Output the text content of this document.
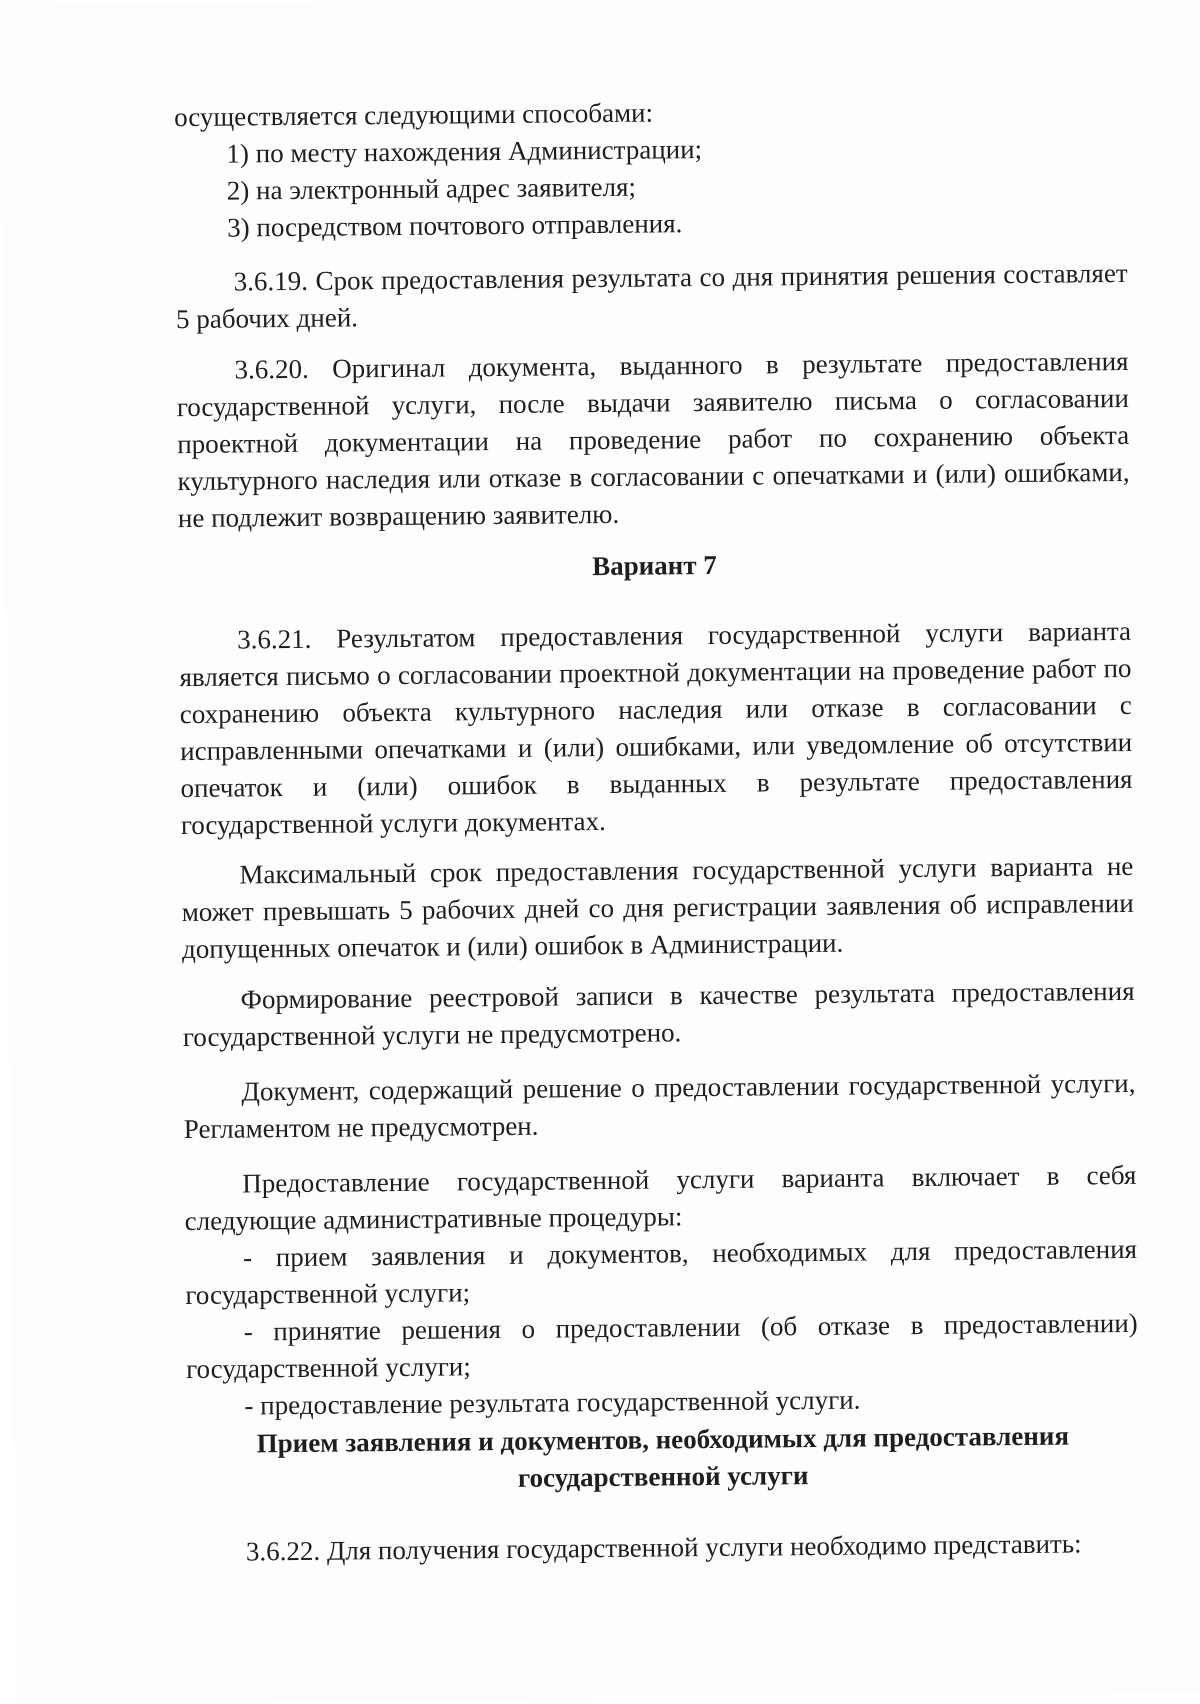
осуществляется следующими способами:

1) по месту нахождения Администрации;

2) на электронный адрес заявителя;

3) посредством почтового отправления.

3.6.19. Срок предоставления результата со дня принятия решения составляет 5 рабочих дней.

3.6.20. Оригинал документа, выданного в результате предоставления государственной услуги, после выдачи заявителю письма о согласовании проектной документации на проведение работ по сохранению объекта культурного наследия или отказе в согласовании с опечатками и (или) ошибками, не подлежит возвращению заявителю.

Вариант 7

3.6.21. Результатом предоставления государственной услуги варианта является письмо о согласовании проектной документации на проведение работ по сохранению объекта культурного наследия или отказе в согласовании с исправленными опечатками и (или) ошибками, или уведомление об отсутствии опечаток и (или) ошибок в выданных в результате предоставления государственной услуги документах.

Максимальный срок предоставления государственной услуги варианта не может превышать 5 рабочих дней со дня регистрации заявления об исправлении допущенных опечаток и (или) ошибок в Администрации.

Формирование реестровой записи в качестве результата предоставления государственной услуги не предусмотрено.

Документ, содержащий решение о предоставлении государственной услуги, Регламентом не предусмотрен.

Предоставление государственной услуги варианта включает в себя следующие административные процедуры:

- прием заявления и документов, необходимых для предоставления государственной услуги;

- принятие решения о предоставлении (об отказе в предоставлении) государственной услуги;

- предоставление результата государственной услуги.

Прием заявления и документов, необходимых для предоставления

государственной услуги

3.6.22. Для получения государственной услуги необходимо представить:
